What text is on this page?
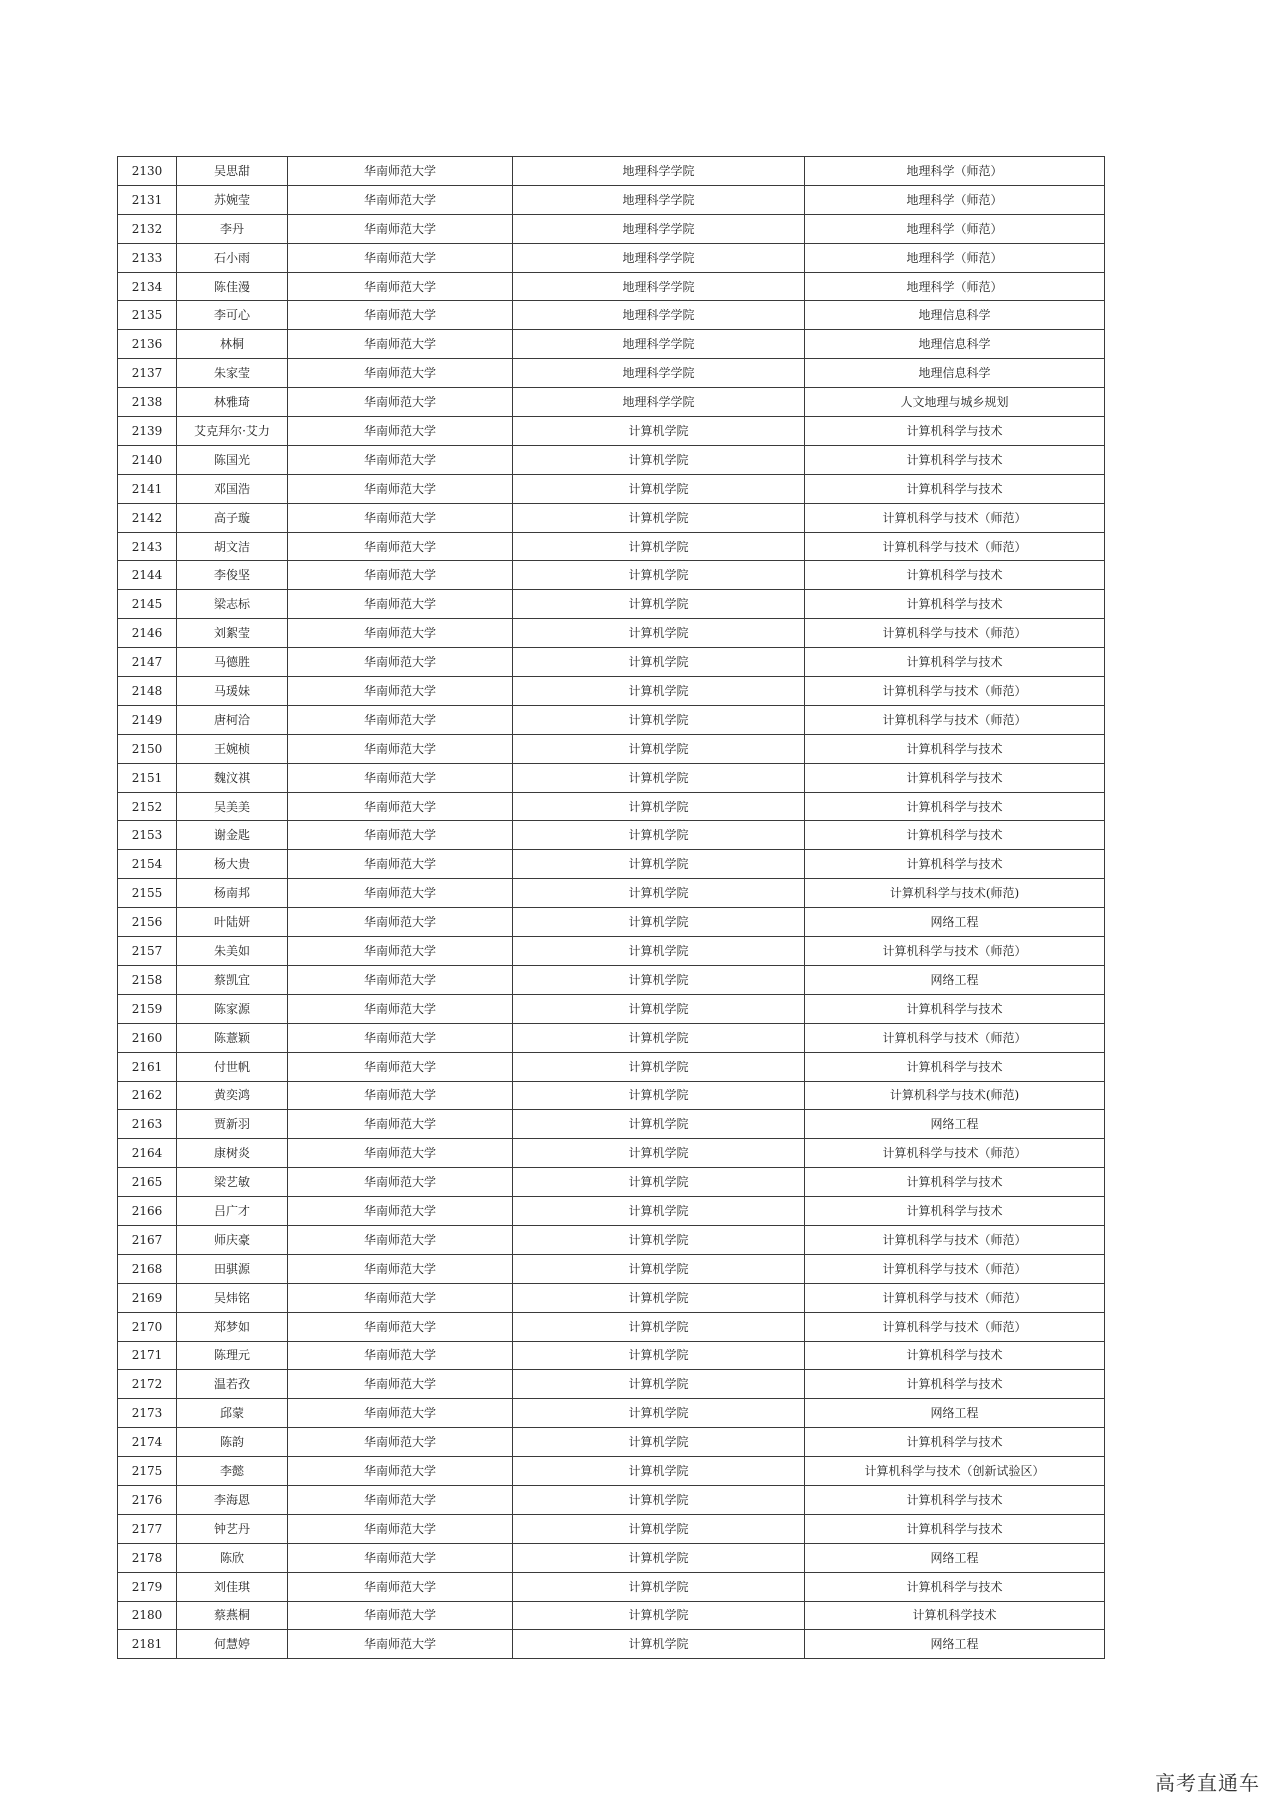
2130	吴思甜	华南师范大学	地理科学学院	地理科学（师范）
2131	苏婉莹	华南师范大学	地理科学学院	地理科学（师范）
2132	李丹	华南师范大学	地理科学学院	地理科学（师范）
2133	石小雨	华南师范大学	地理科学学院	地理科学（师范）
2134	陈佳漫	华南师范大学	地理科学学院	地理科学（师范）
2135	李可心	华南师范大学	地理科学学院	地理信息科学
2136	林桐	华南师范大学	地理科学学院	地理信息科学
2137	朱家莹	华南师范大学	地理科学学院	地理信息科学
2138	林雅琦	华南师范大学	地理科学学院	人文地理与城乡规划
2139	艾克拜尔·艾力	华南师范大学	计算机学院	计算机科学与技术
2140	陈国光	华南师范大学	计算机学院	计算机科学与技术
2141	邓国浩	华南师范大学	计算机学院	计算机科学与技术
2142	高子璇	华南师范大学	计算机学院	计算机科学与技术（师范）
2143	胡文洁	华南师范大学	计算机学院	计算机科学与技术（师范）
2144	李俊坚	华南师范大学	计算机学院	计算机科学与技术
2145	梁志标	华南师范大学	计算机学院	计算机科学与技术
2146	刘絮莹	华南师范大学	计算机学院	计算机科学与技术（师范）
2147	马德胜	华南师范大学	计算机学院	计算机科学与技术
2148	马瑗妹	华南师范大学	计算机学院	计算机科学与技术（师范）
2149	唐柯洽	华南师范大学	计算机学院	计算机科学与技术（师范）
2150	王婉桢	华南师范大学	计算机学院	计算机科学与技术
2151	魏汶祺	华南师范大学	计算机学院	计算机科学与技术
2152	吴美美	华南师范大学	计算机学院	计算机科学与技术
2153	谢金匙	华南师范大学	计算机学院	计算机科学与技术
2154	杨大贵	华南师范大学	计算机学院	计算机科学与技术
2155	杨南邦	华南师范大学	计算机学院	计算机科学与技术(师范)
2156	叶陆妍	华南师范大学	计算机学院	网络工程
2157	朱美如	华南师范大学	计算机学院	计算机科学与技术（师范）
2158	蔡凯宜	华南师范大学	计算机学院	网络工程
2159	陈家源	华南师范大学	计算机学院	计算机科学与技术
2160	陈薏颖	华南师范大学	计算机学院	计算机科学与技术（师范）
2161	付世帆	华南师范大学	计算机学院	计算机科学与技术
2162	黄奕鸿	华南师范大学	计算机学院	计算机科学与技术(师范)
2163	贾新羽	华南师范大学	计算机学院	网络工程
2164	康树炎	华南师范大学	计算机学院	计算机科学与技术（师范）
2165	梁艺敏	华南师范大学	计算机学院	计算机科学与技术
2166	吕广才	华南师范大学	计算机学院	计算机科学与技术
2167	师庆豪	华南师范大学	计算机学院	计算机科学与技术（师范）
2168	田骐源	华南师范大学	计算机学院	计算机科学与技术（师范）
2169	吴炜铭	华南师范大学	计算机学院	计算机科学与技术（师范）
2170	郑梦如	华南师范大学	计算机学院	计算机科学与技术（师范）
2171	陈理元	华南师范大学	计算机学院	计算机科学与技术
2172	温若孜	华南师范大学	计算机学院	计算机科学与技术
2173	邱蒙	华南师范大学	计算机学院	网络工程
2174	陈韵	华南师范大学	计算机学院	计算机科学与技术
2175	李懿	华南师范大学	计算机学院	计算机科学与技术（创新试验区）
2176	李海恩	华南师范大学	计算机学院	计算机科学与技术
2177	钟艺丹	华南师范大学	计算机学院	计算机科学与技术
2178	陈欣	华南师范大学	计算机学院	网络工程
2179	刘佳琪	华南师范大学	计算机学院	计算机科学与技术
2180	蔡燕桐	华南师范大学	计算机学院	计算机科学技术
2181	何慧婷	华南师范大学	计算机学院	网络工程
高考直通车
